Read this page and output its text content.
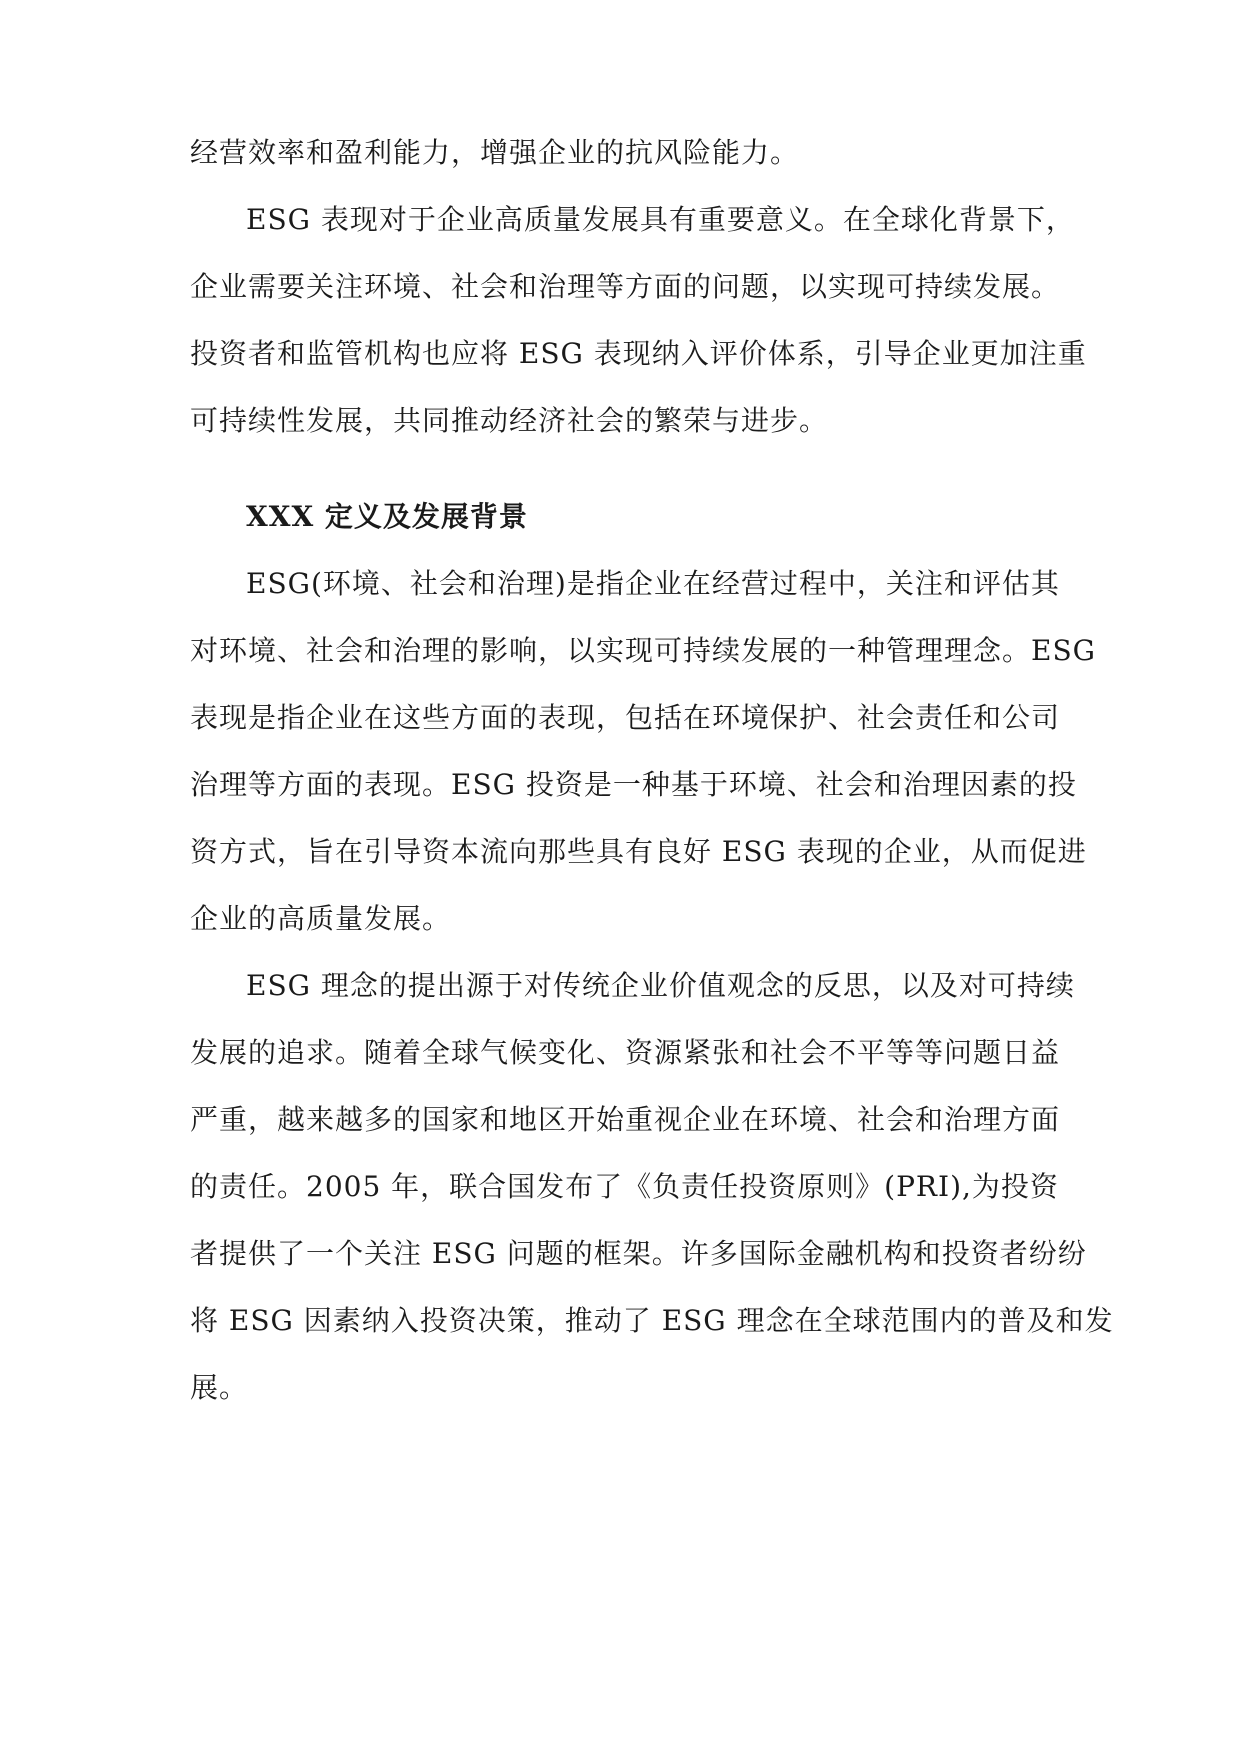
经营效率和盈利能力，增强企业的抗风险能力。
ESG 表现对于企业高质量发展具有重要意义。在全球化背景下，
企业需要关注环境、社会和治理等方面的问题，以实现可持续发展。
投资者和监管机构也应将 ESG 表现纳入评价体系，引导企业更加注重
可持续性发展，共同推动经济社会的繁荣与进步。
XXX 定义及发展背景
ESG(环境、社会和治理)是指企业在经营过程中，关注和评估其
对环境、社会和治理的影响，以实现可持续发展的一种管理理念。ESG
表现是指企业在这些方面的表现，包括在环境保护、社会责任和公司
治理等方面的表现。ESG 投资是一种基于环境、社会和治理因素的投
资方式，旨在引导资本流向那些具有良好 ESG 表现的企业，从而促进
企业的高质量发展。
ESG 理念的提出源于对传统企业价值观念的反思，以及对可持续
发展的追求。随着全球气候变化、资源紧张和社会不平等等问题日益
严重，越来越多的国家和地区开始重视企业在环境、社会和治理方面
的责任。2005 年，联合国发布了《负责任投资原则》(PRI),为投资
者提供了一个关注 ESG 问题的框架。许多国际金融机构和投资者纷纷
将 ESG 因素纳入投资决策，推动了 ESG 理念在全球范围内的普及和发
展。
